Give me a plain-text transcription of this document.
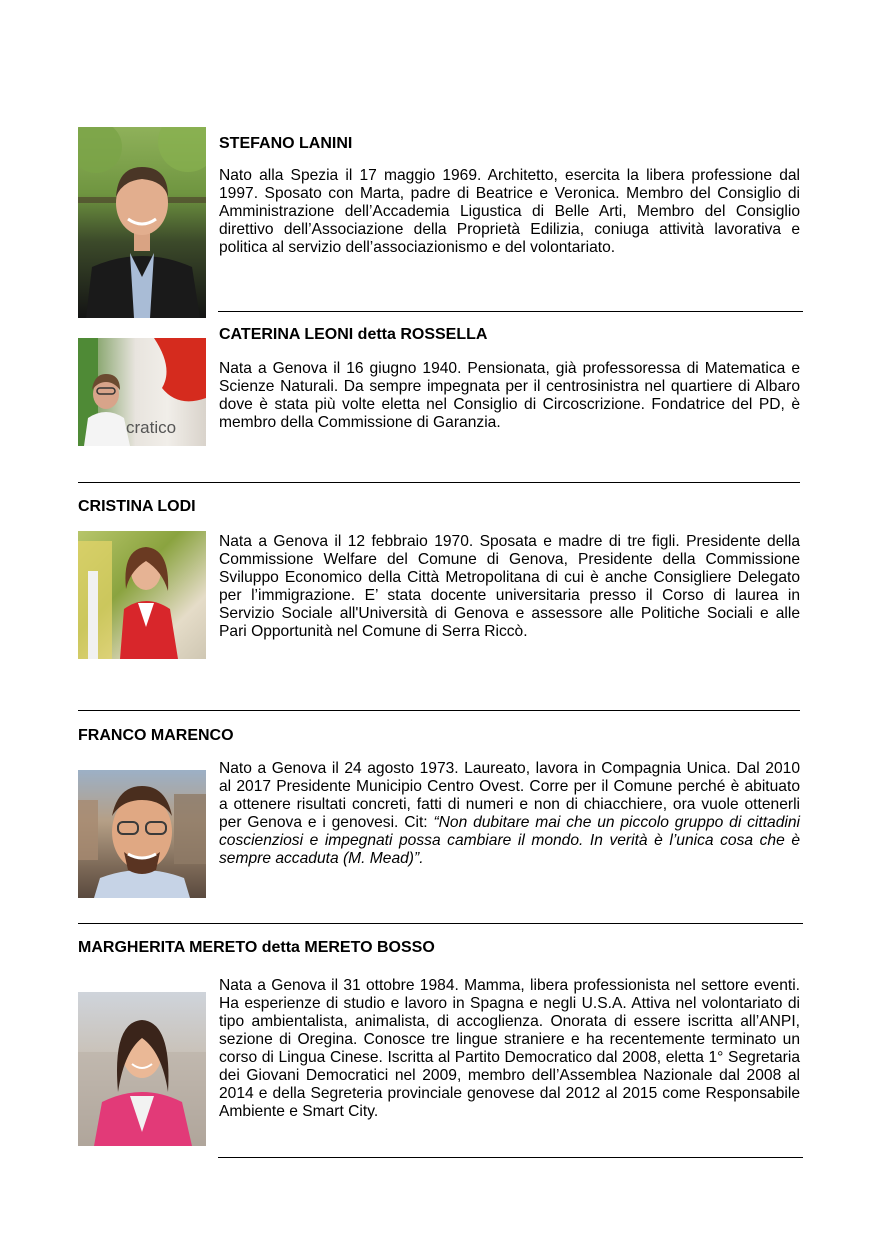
STEFANO LANINI
Nato alla Spezia il 17 maggio 1969. Architetto, esercita la libera professione dal 1997. Sposato con Marta, padre di Beatrice e Veronica. Membro del Consiglio di Amministrazione dell’Accademia Ligustica di Belle Arti, Membro del Consiglio direttivo dell’Associazione della Proprietà Edilizia, coniuga attività lavorativa e politica al servizio dell’associazionismo e del volontariato.
CATERINA LEONI detta ROSSELLA
cratico
Nata a Genova il 16 giugno 1940. Pensionata, già professoressa di Matematica e Scienze Naturali. Da sempre impegnata per il centrosinistra nel quartiere di Albaro dove è stata più volte eletta nel Consiglio di Circoscrizione. Fondatrice del PD, è membro della Commissione di Garanzia.
CRISTINA LODI
Nata a Genova il 12 febbraio 1970. Sposata e madre di tre figli. Presidente della Commissione Welfare del Comune di Genova, Presidente della Commissione Sviluppo Economico della Città Metropolitana di cui è anche Consigliere Delegato per l’immigrazione. E’ stata docente universitaria presso il Corso di laurea in Servizio Sociale all'Università di Genova e assessore alle Politiche Sociali e alle Pari Opportunità nel Comune di Serra Riccò.
FRANCO MARENCO
Nato a Genova il 24 agosto 1973. Laureato, lavora in Compagnia Unica. Dal 2010 al 2017 Presidente Municipio Centro Ovest. Corre per il Comune perché è abituato a ottenere risultati concreti, fatti di numeri e non di chiacchiere, ora vuole ottenerli per Genova e i genovesi. Cit: “Non dubitare mai che un piccolo gruppo di cittadini coscienziosi e impegnati possa cambiare il mondo. In verità è l’unica cosa che è sempre accaduta (M. Mead)”.
MARGHERITA MERETO detta MERETO BOSSO
Nata a Genova il 31 ottobre 1984. Mamma, libera professionista nel settore eventi. Ha esperienze di studio e lavoro in Spagna e negli U.S.A. Attiva nel volontariato di tipo ambientalista, animalista, di accoglienza. Onorata di essere iscritta all’ANPI, sezione di Oregina. Conosce tre lingue straniere e ha recentemente terminato un corso di Lingua Cinese. Iscritta al Partito Democratico dal 2008, eletta 1° Segretaria dei Giovani Democratici nel 2009, membro dell’Assemblea Nazionale dal 2008 al 2014 e della Segreteria provinciale genovese dal 2012 al 2015 come Responsabile Ambiente e Smart City.
